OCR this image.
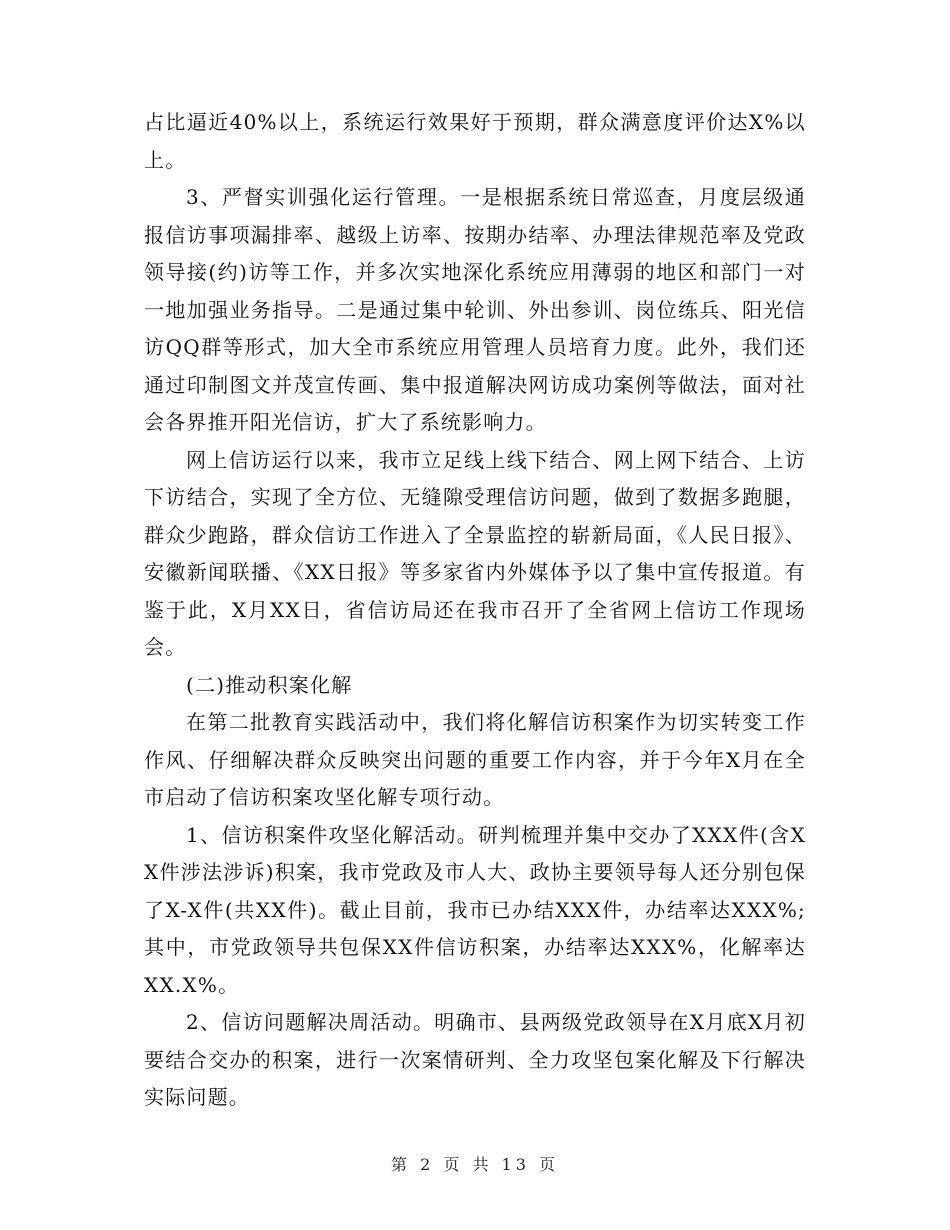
占比逼近40%以上，系统运行效果好于预期，群众满意度评价达X%以上。

3、严督实训强化运行管理。一是根据系统日常巡查，月度层级通报信访事项漏排率、越级上访率、按期办结率、办理法律规范率及党政领导接(约)访等工作，并多次实地深化系统应用薄弱的地区和部门一对一地加强业务指导。二是通过集中轮训、外出参训、岗位练兵、阳光信访QQ群等形式，加大全市系统应用管理人员培育力度。此外，我们还通过印制图文并茂宣传画、集中报道解决网访成功案例等做法，面对社会各界推开阳光信访，扩大了系统影响力。

网上信访运行以来，我市立足线上线下结合、网上网下结合、上访下访结合，实现了全方位、无缝隙受理信访问题，做到了数据多跑腿，群众少跑路，群众信访工作进入了全景监控的崭新局面，《人民日报》、安徽新闻联播、《XX日报》等多家省内外媒体予以了集中宣传报道。有鉴于此，X月XX日，省信访局还在我市召开了全省网上信访工作现场会。

(二)推动积案化解

在第二批教育实践活动中，我们将化解信访积案作为切实转变工作作风、仔细解决群众反映突出问题的重要工作内容，并于今年X月在全市启动了信访积案攻坚化解专项行动。

1、信访积案件攻坚化解活动。研判梳理并集中交办了XXX件(含XX件涉法涉诉)积案，我市党政及市人大、政协主要领导每人还分别包保了X-X件(共XX件)。截止目前，我市已办结XXX件，办结率达XXX%;其中，市党政领导共包保XX件信访积案，办结率达XXX%，化解率达XX.X%。

2、信访问题解决周活动。明确市、县两级党政领导在X月底X月初要结合交办的积案，进行一次案情研判、全力攻坚包案化解及下行解决实际问题。

第 2 页 共 13 页
